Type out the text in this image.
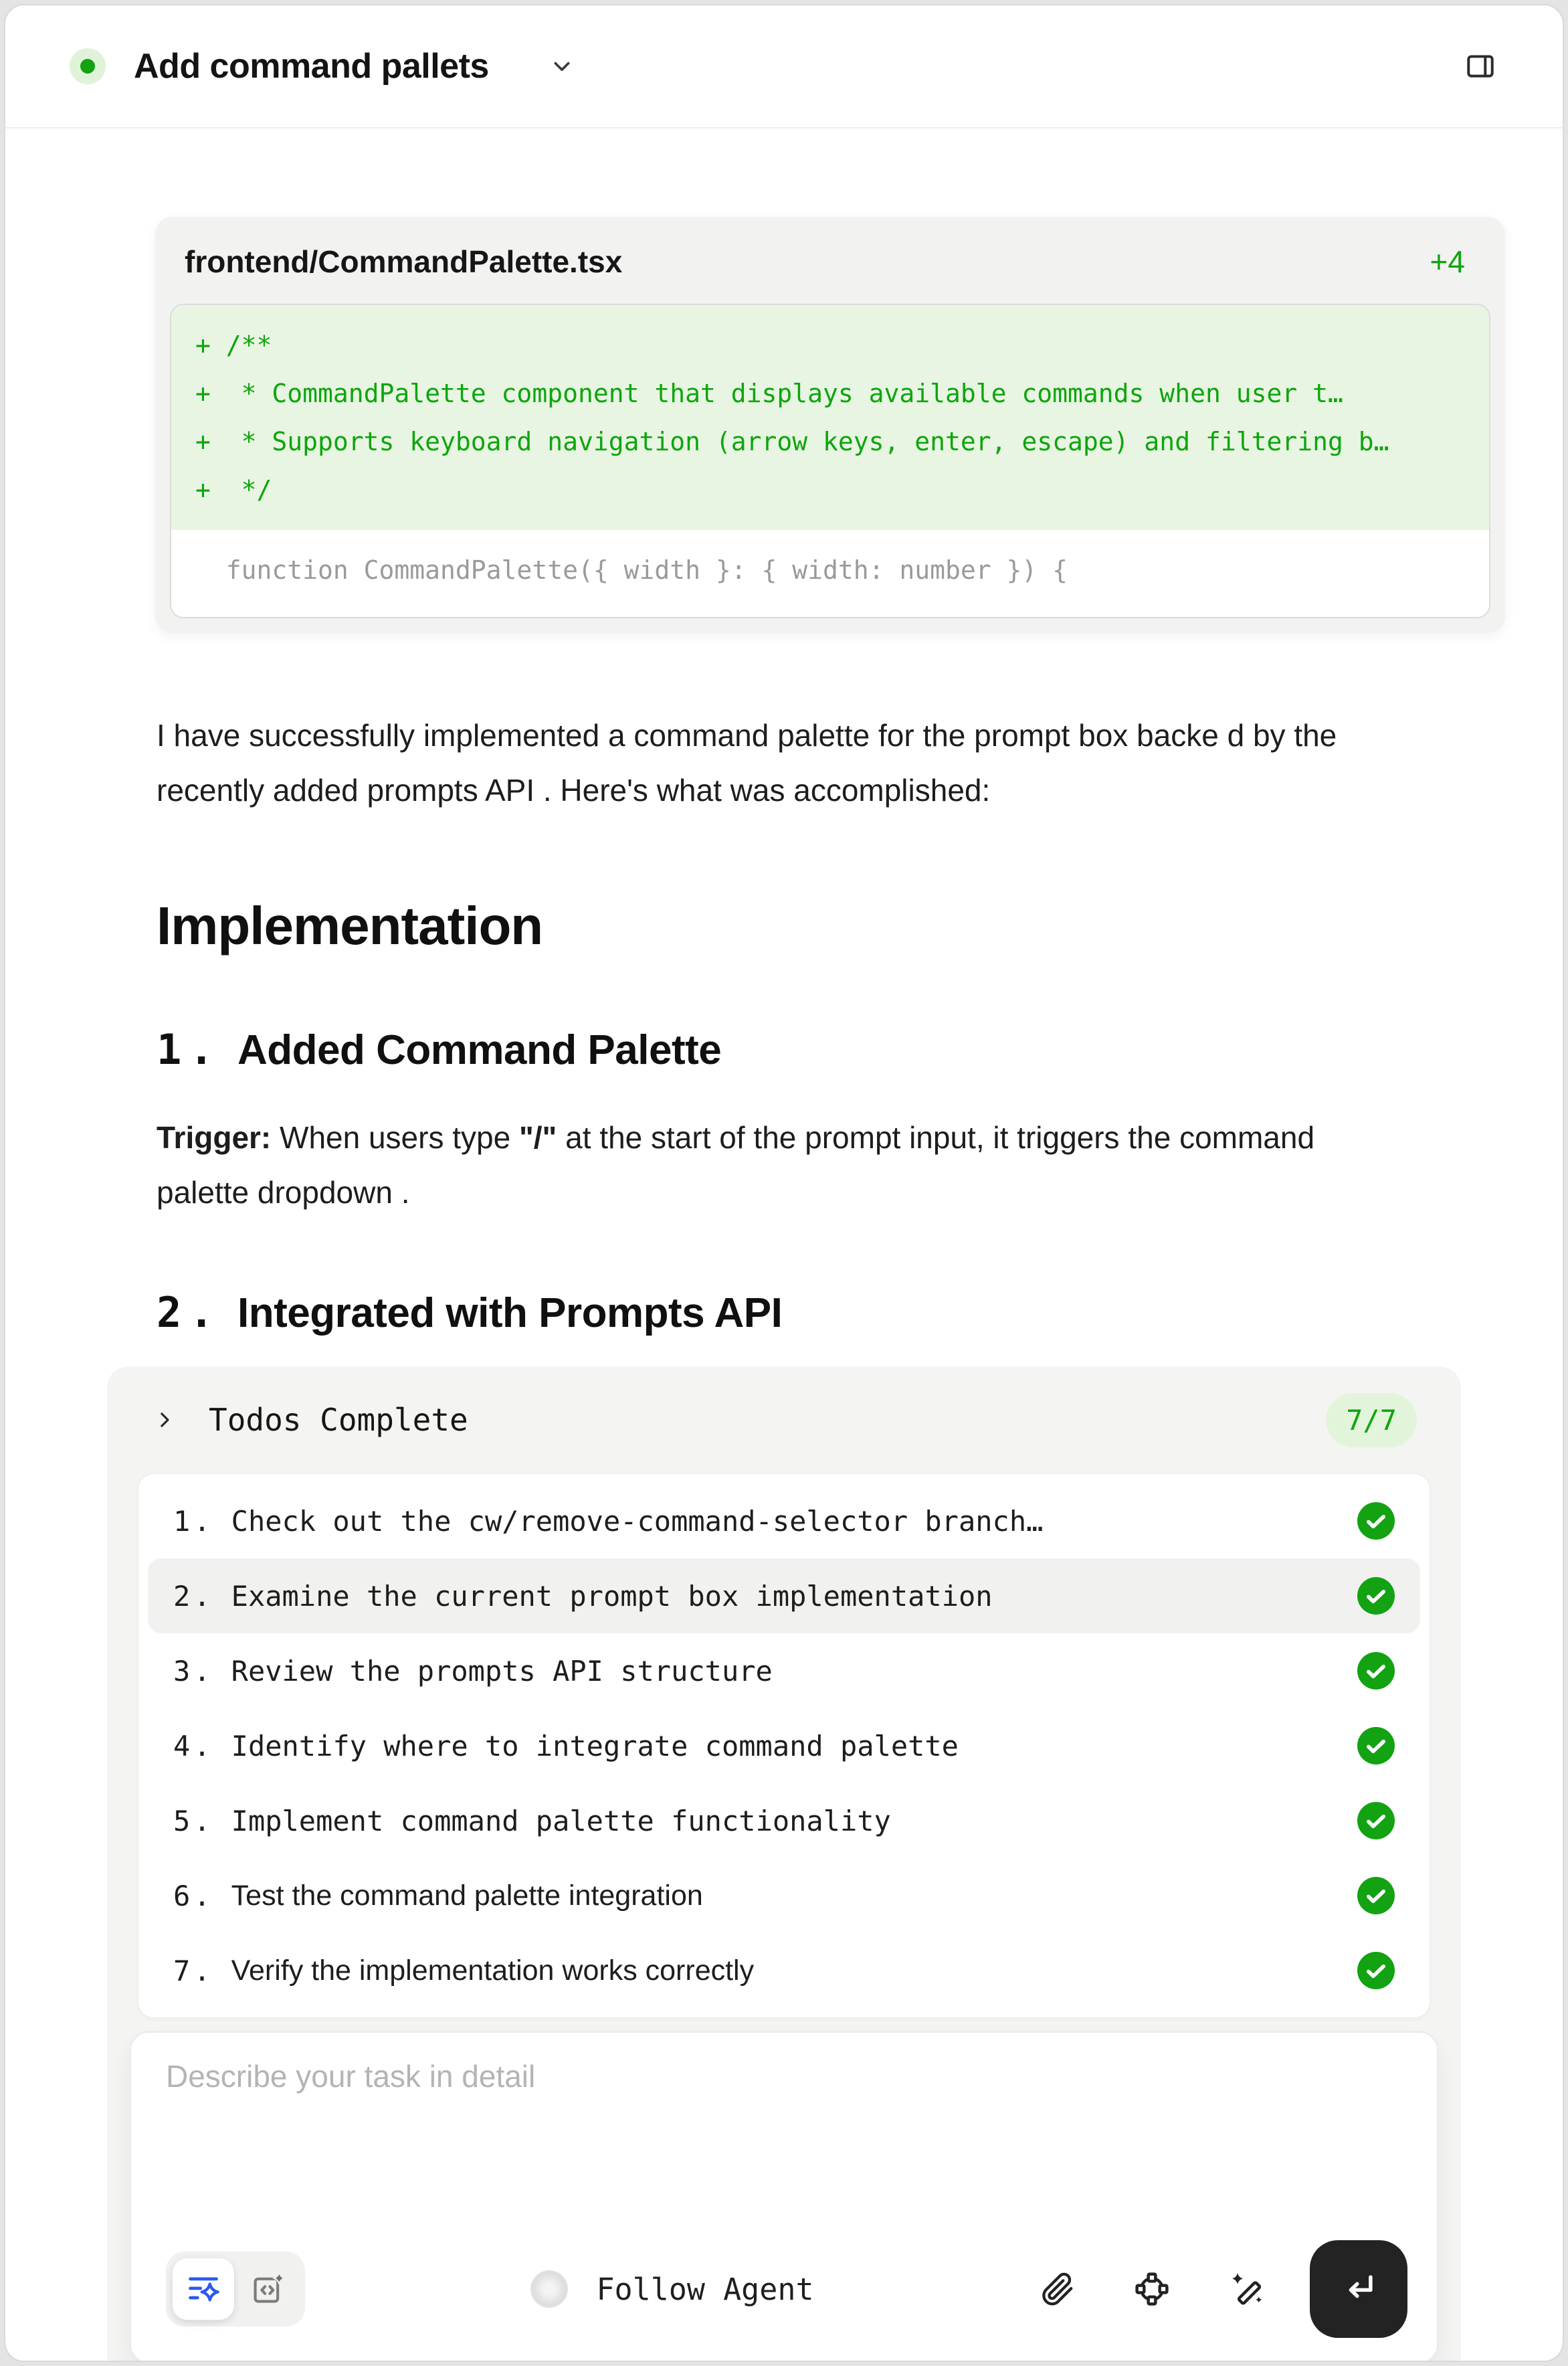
Add command pallets
frontend/CommandPalette.tsx	+4
+ /**
+  * CommandPalette component that displays available commands when user t…
+  * Supports keyboard navigation (arrow keys, enter, escape) and filtering b…
+  */
function CommandPalette({ width }: { width: number }) {

I have successfully implemented a command palette for the prompt box backe d by the recently added prompts API . Here's what was accomplished:

Implementation
1. Added Command Palette

Trigger: When users type "/" at the start of the prompt input, it triggers the command palette dropdown .

2. Integrated with Prompts API
Todos Complete	7/7
1. Check out the cw/remove-command-selector branch…
2. Examine the current prompt box implementation
3. Review the prompts API structure
4. Identify where to integrate command palette
5. Implement command palette functionality
6. Test the command palette integration
7. Verify the implementation works correctly
Describe your task in detail
Follow Agent
